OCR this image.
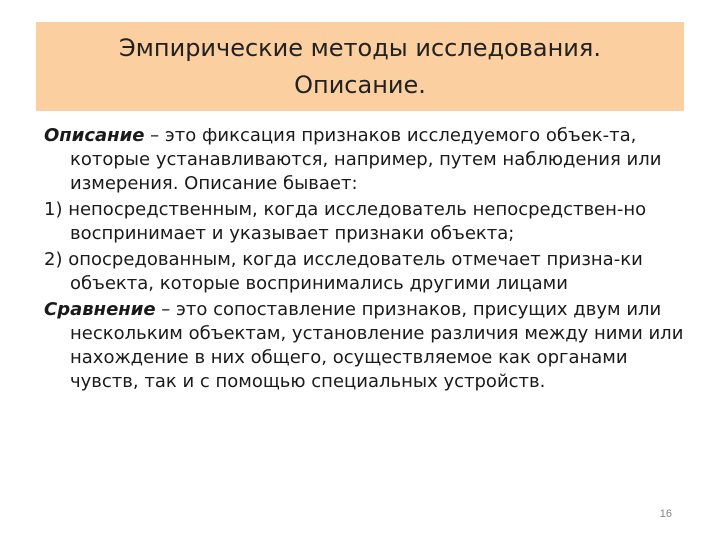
Эмпирические методы исследования.
Описание.

Описание – это фиксация признаков исследуемого объек-та, которые устанавливаются, например, путем наблюдения или измерения. Описание бывает:

1) непосредственным, когда исследователь непосредствен-но воспринимает и указывает признаки объекта;

2) опосредованным, когда исследователь отмечает призна-ки объекта, которые воспринимались другими лицами

Сравнение – это сопоставление признаков, присущих двум или нескольким объектам, установление различия между ними или нахождение в них общего, осуществляемое как органами чувств, так и с помощью специальных устройств.

16
